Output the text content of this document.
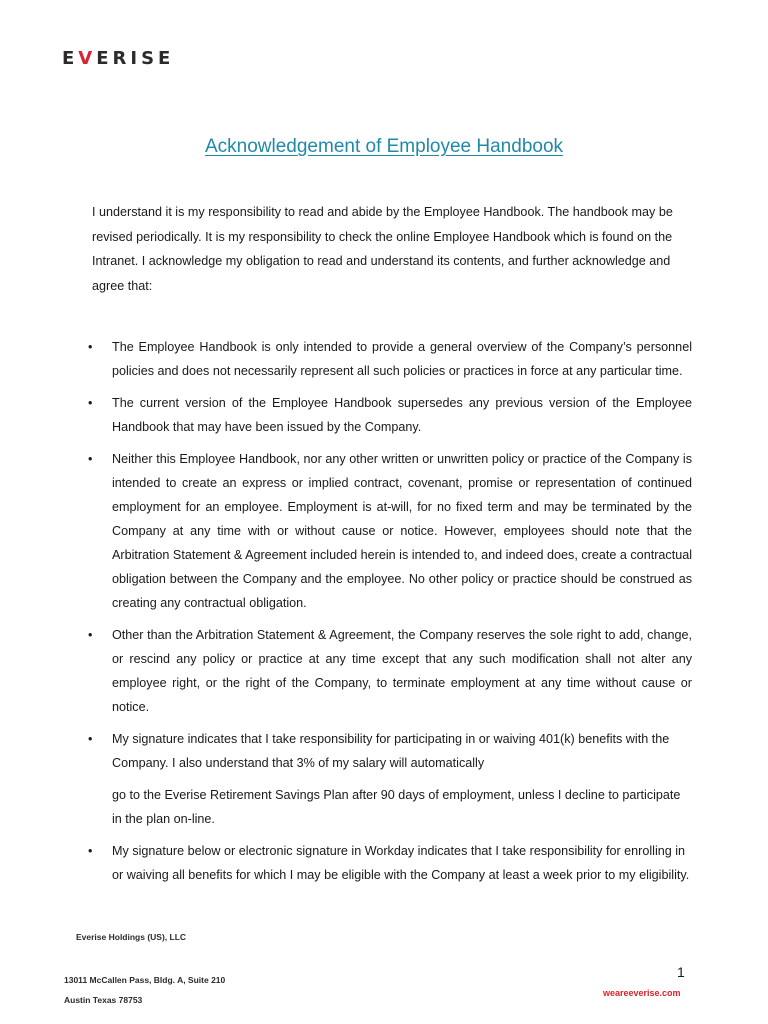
EVERISE
Acknowledgement of Employee Handbook

I understand it is my responsibility to read and abide by the Employee Handbook. The handbook may be revised periodically. It is my responsibility to check the online Employee Handbook which is found on the Intranet. I acknowledge my obligation to read and understand its contents, and further acknowledge and agree that:

• The Employee Handbook is only intended to provide a general overview of the Company’s personnel policies and does not necessarily represent all such policies or practices in force at any particular time.
• The current version of the Employee Handbook supersedes any previous version of the Employee Handbook that may have been issued by the Company.
• Neither this Employee Handbook, nor any other written or unwritten policy or practice of the Company is intended to create an express or implied contract, covenant, promise or representation of continued employment for an employee. Employment is at-will, for no fixed term and may be terminated by the Company at any time with or without cause or notice. However, employees should note that the Arbitration Statement & Agreement included herein is intended to, and indeed does, create a contractual obligation between the Company and the employee. No other policy or practice should be construed as creating any contractual obligation.
• Other than the Arbitration Statement & Agreement, the Company reserves the sole right to add, change, or rescind any policy or practice at any time except that any such modification shall not alter any employee right, or the right of the Company, to terminate employment at any time without cause or notice.
• My signature indicates that I take responsibility for participating in or waiving 401(k) benefits with the Company. I also understand that 3% of my salary will automatically
go to the Everise Retirement Savings Plan after 90 days of employment, unless I decline to participate in the plan on-line.
• My signature below or electronic signature in Workday indicates that I take responsibility for enrolling in or waiving all benefits for which I may be eligible with the Company at least a week prior to my eligibility.
Everise Holdings (US), LLC
13011 McCallen Pass, Bldg. A, Suite 210
Austin Texas 78753
1
weareeverise.com
